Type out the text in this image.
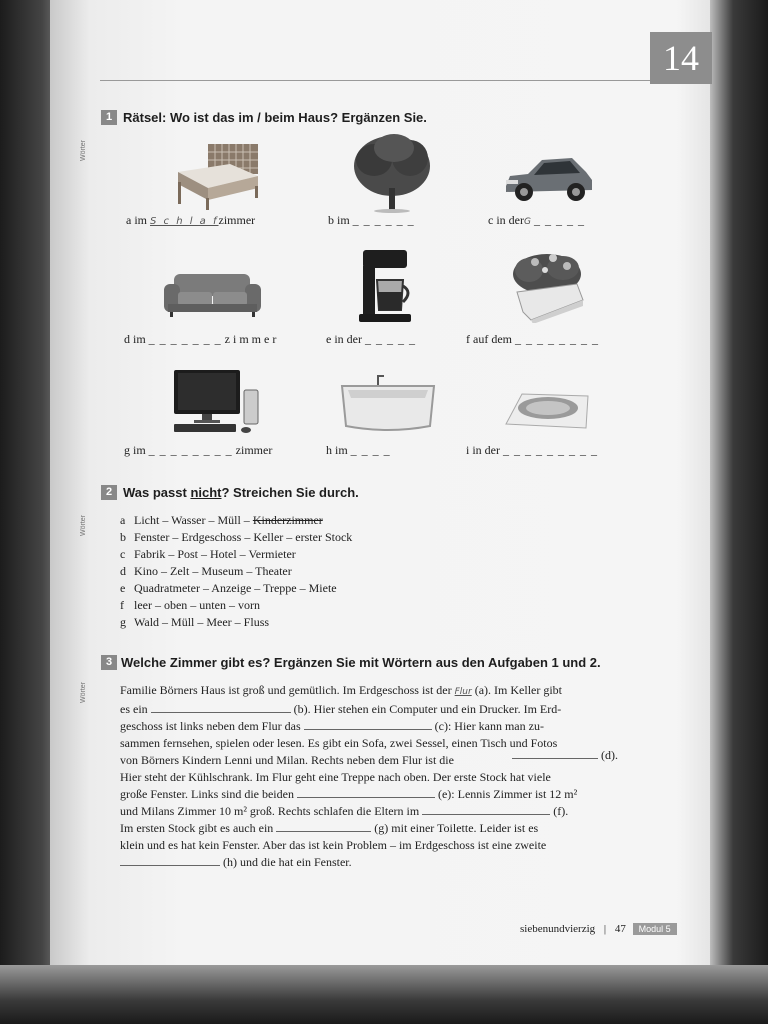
14
Wörter
Wörter
Wörter
1 Rätsel: Wo ist das im / beim Haus? Ergänzen Sie.
a im S c h l a fzimmer	b im _ _ _ _ _ _	c in derG _ _ _ _ _
d im _ _ _ _ _ _ _ z i m m e r	e in der _ _ _ _ _	f auf dem _ _ _ _ _ _ _ _
g im _ _ _ _ _ _ _ _ zimmer	h im _ _ _ _	i in der _ _ _ _ _ _ _ _ _
2 Was passt nicht? Streichen Sie durch.
a Licht – Wasser – Müll – Kinderzimmer
b Fenster – Erdgeschoss – Keller – erster Stock
c Fabrik – Post – Hotel – Vermieter
d Kino – Zelt – Museum – Theater
e Quadratmeter – Anzeige – Treppe – Miete
f leer – oben – unten – vorn
g Wald – Müll – Meer – Fluss
3 Welche Zimmer gibt es? Ergänzen Sie mit Wörtern aus den Aufgaben 1 und 2.

Familie Börners Haus ist groß und gemütlich. Im Erdgeschoss ist der Flur (a). Im Keller gibt

es ein	(b). Hier stehen ein Computer und ein Drucker. Im Erd-

geschoss ist links neben dem Flur das	(c): Hier kann man zu-

sammen fernsehen, spielen oder lesen. Es gibt ein Sofa, zwei Sessel, einen Tisch und Fotos

von Börners Kindern Lenni und Milan. Rechts neben dem Flur ist die

Hier steht der Kühlschrank. Im Flur geht eine Treppe nach oben. Der erste Stock hat viele

große Fenster. Links sind die beiden	(e): Lennis Zimmer ist 12 m²

und Milans Zimmer 10 m² groß. Rechts schlafen die Eltern im	(f).

Im ersten Stock gibt es auch ein	(g) mit einer Toilette. Leider ist es

klein und es hat kein Fenster. Aber das ist kein Problem – im Erdgeschoss ist eine zweite

(h) und die hat ein Fenster.

(d).
siebenundvierzig | 47 Modul 5
